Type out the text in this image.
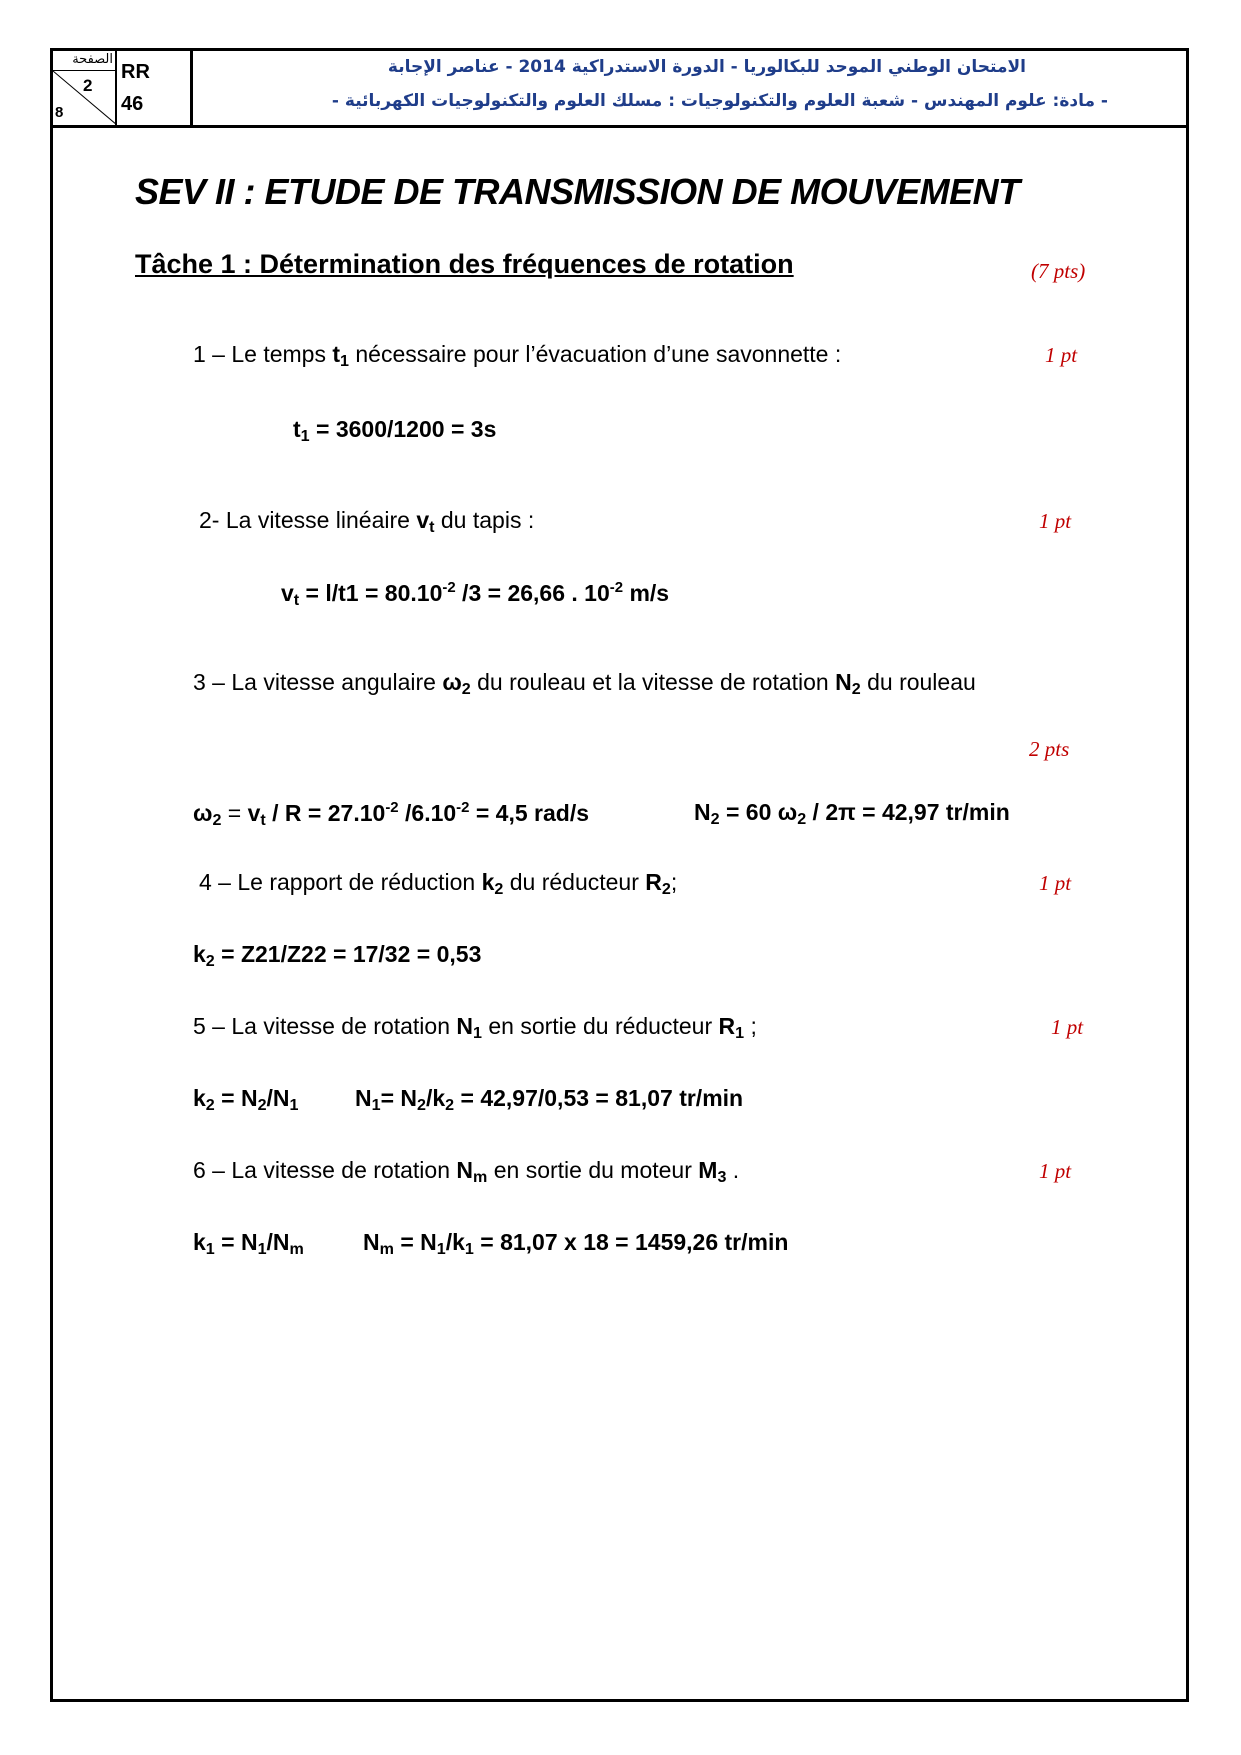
الصفحة
2
8
RR
46
الامتحان الوطني الموحد للبكالوريا - الدورة الاستدراكية 2014 - عناصر الإجابة
- مادة: علوم المهندس - شعبة العلوم والتكنولوجيات : مسلك العلوم والتكنولوجيات الكهربائية -
SEV II : ETUDE DE TRANSMISSION DE MOUVEMENT
Tâche 1 : Détermination des fréquences de rotation	(7 pts)
1 – Le temps $t_1$ nécessaire pour l’évacuation d’une savonnette :	1 pt
$t_1 = 3600/1200 = 3s$
2- La vitesse linéaire $v_t$ du tapis :	1 pt
$v_t = l/t1 = 80.10^{-2}$ /3 = 26,66 . $10^{-2}$ m/s
3 – La vitesse angulaire $\omega_2$ du rouleau et la vitesse de rotation $N_2$ du rouleau
2 pts
$\omega_2 = v_t / R = 27.10^{-2}$ $/6.10^{-2} = 4,5$ rad/s	$N_2 = 60$ $\omega_2 / 2\pi = 42,97$ tr/min
4 – Le rapport de réduction $k_2$ du réducteur $R_2$;	1 pt
$k_2 = Z21/Z22 = 17/32 = 0,53$
5 – La vitesse de rotation $N_1$ en sortie du réducteur $R_1$ ;	1 pt
$k_2 = N_2/N_1$ $N_1= N_2/k_2 = 42,97/0,53 = 81,07$ tr/min
6 – La vitesse de rotation $N_m$ en sortie du moteur $M_3$ .	1 pt
$k_1 = N_1/N_m$	$N_m = N_1/k_1 = 81,07$ x 18 = 1459,26 tr/min
